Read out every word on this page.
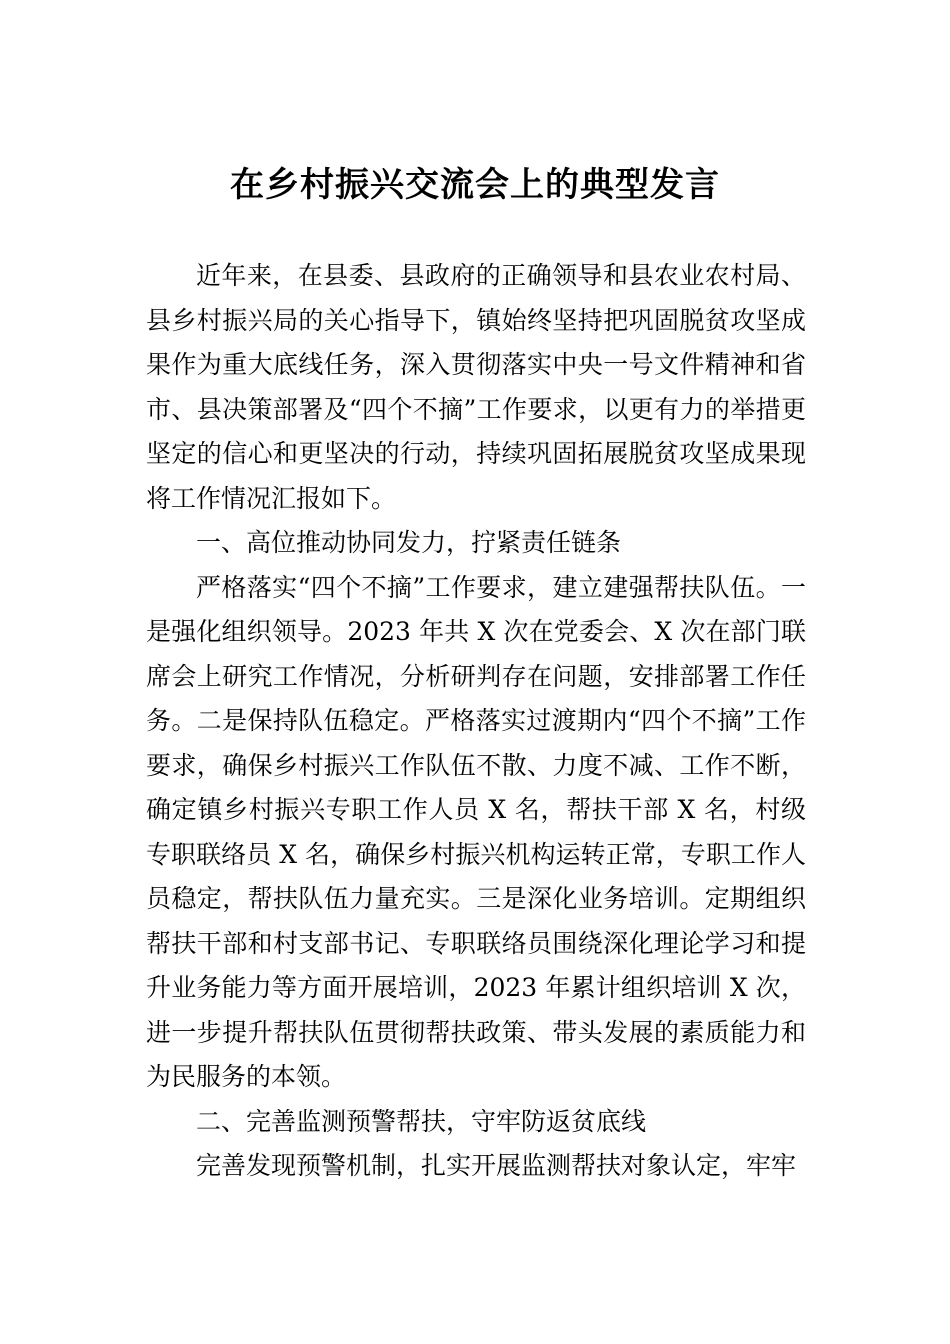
在乡村振兴交流会上的典型发言

近年来，在县委、县政府的正确领导和县农业农村局、县乡村振兴局的关心指导下，镇始终坚持把巩固脱贫攻坚成果作为重大底线任务，深入贯彻落实中央一号文件精神和省市、县决策部署及“四个不摘”工作要求，以更有力的举措更坚定的信心和更坚决的行动，持续巩固拓展脱贫攻坚成果现将工作情况汇报如下。

一、高位推动协同发力，拧紧责任链条

严格落实“四个不摘”工作要求，建立建强帮扶队伍。一是强化组织领导。2023 年共 X 次在党委会、X 次在部门联席会上研究工作情况，分析研判存在问题，安排部署工作任务。二是保持队伍稳定。严格落实过渡期内“四个不摘”工作要求，确保乡村振兴工作队伍不散、力度不减、工作不断，确定镇乡村振兴专职工作人员 X 名，帮扶干部 X 名，村级专职联络员 X 名，确保乡村振兴机构运转正常，专职工作人员稳定，帮扶队伍力量充实。三是深化业务培训。定期组织帮扶干部和村支部书记、专职联络员围绕深化理论学习和提升业务能力等方面开展培训，2023 年累计组织培训 X 次，进一步提升帮扶队伍贯彻帮扶政策、带头发展的素质能力和为民服务的本领。

二、完善监测预警帮扶，守牢防返贫底线

完善发现预警机制，扎实开展监测帮扶对象认定，牢牢
